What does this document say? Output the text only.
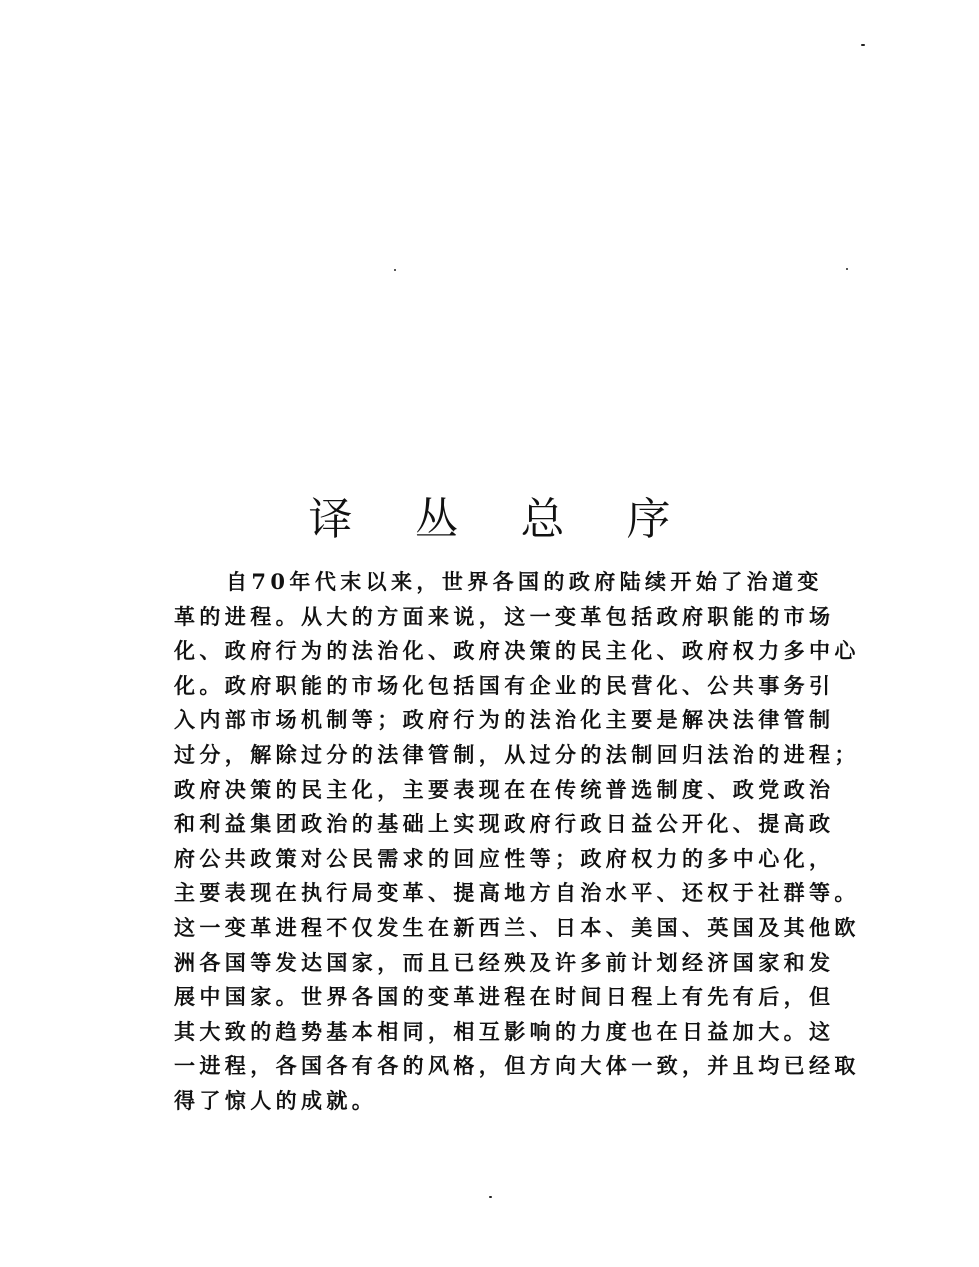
译 丛 总 序
自70年代末以来，世界各国的政府陆续开始了治道变
革的进程。从大的方面来说，这一变革包括政府职能的市场
化、政府行为的法治化、政府决策的民主化、政府权力多中心
化。政府职能的市场化包括国有企业的民营化、公共事务引
入内部市场机制等；政府行为的法治化主要是解决法律管制
过分，解除过分的法律管制，从过分的法制回归法治的进程；
政府决策的民主化，主要表现在在传统普选制度、政党政治
和利益集团政治的基础上实现政府行政日益公开化、提高政
府公共政策对公民需求的回应性等；政府权力的多中心化，
主要表现在执行局变革、提高地方自治水平、还权于社群等。
这一变革进程不仅发生在新西兰、日本、美国、英国及其他欧
洲各国等发达国家，而且已经殃及许多前计划经济国家和发
展中国家。世界各国的变革进程在时间日程上有先有后，但
其大致的趋势基本相同，相互影响的力度也在日益加大。这
一进程，各国各有各的风格，但方向大体一致，并且均已经取
得了惊人的成就。
